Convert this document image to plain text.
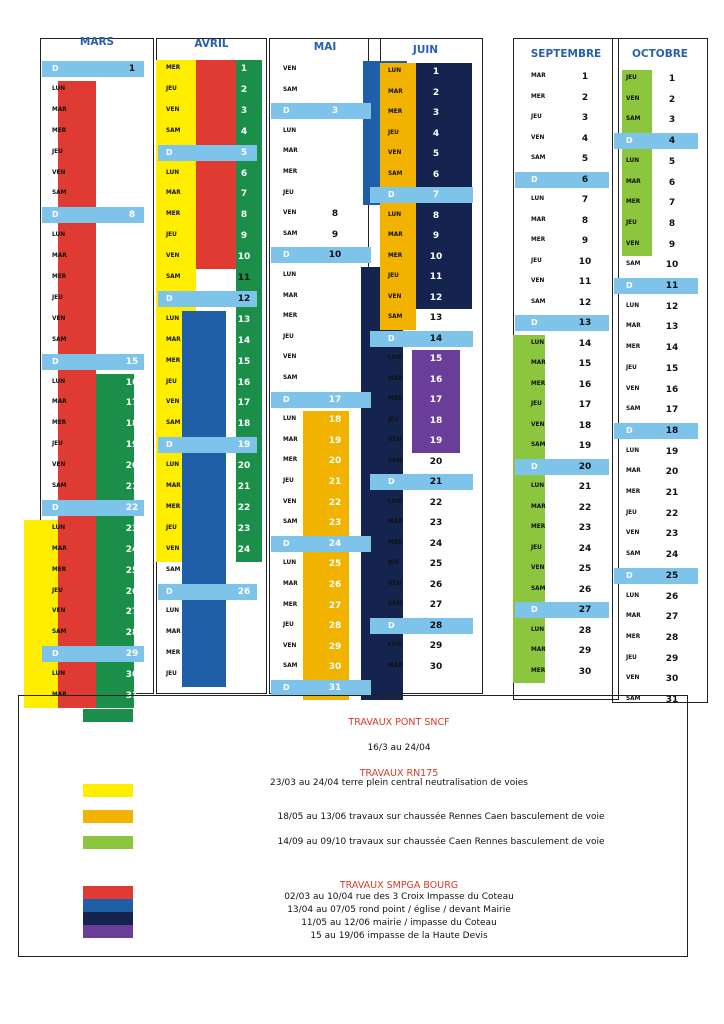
MARS	AVRIL	MAI	JUIN	SEPTEMBRE	OCTOBRE
D	1
LUN	2
MAR	3
MER	4
JEU	5
VEN	6
SAM	7
D	8
LUN	9
MAR	10
MER	11
JEU	12
VEN	13
SAM	14
D	15
LUN	16
MAR	17
MER	18
JEU	19
VEN	20
SAM	21
D	22
LUN	23
MAR	24
MER	25
JEU	26
VEN	27
SAM	28
D	29
LUN	30
MAR	31
MER	1
JEU	2
VEN	3
SAM	4
D	5
LUN	6
MAR	7
MER	8
JEU	9
VEN	10
SAM	11
D	12
LUN	13
MAR	14
MER	15
JEU	16
VEN	17
SAM	18
D	19
LUN	20
MAR	21
MER	22
JEU	23
VEN	24
SAM	25
D	26
LUN	27
MAR	28
MER	29
JEU	30
VEN	1
SAM	2
D	3
LUN	4
MAR	5
MER	6
JEU	7
VEN	8
SAM	9
D	10
LUN	11
MAR	12
MER	13
JEU	14
VEN	15
SAM	16
D	17
LUN	18
MAR	19
MER	20
JEU	21
VEN	22
SAM	23
D	24
LUN	25
MAR	26
MER	27
JEU	28
VEN	29
SAM	30
D	31
LUN	1
MAR	2
MER	3
JEU	4
VEN	5
SAM	6
D	7
LUN	8
MAR	9
MER	10
JEU	11
VEN	12
SAM	13
D	14
LUN	15
MAR	16
MER	17
JEU	18
VEN	19
SAM	20
D	21
LUN	22
MAR	23
MER	24
JEU	25
VEN	26
SAM	27
D	28
LUN	29
MAR	30
MAR	1
MER	2
JEU	3
VEN	4
SAM	5
D	6
LUN	7
MAR	8
MER	9
JEU	10
VEN	11
SAM	12
D	13
LUN	14
MAR	15
MER	16
JEU	17
VEN	18
SAM	19
D	20
LUN	21
MAR	22
MER	23
JEU	24
VEN	25
SAM	26
D	27
LUN	28
MAR	29
MER	30
JEU	1
VEN	2
SAM	3
D	4
LUN	5
MAR	6
MER	7
JEU	8
VEN	9
SAM	10
D	11
LUN	12
MAR	13
MER	14
JEU	15
VEN	16
SAM	17
D	18
LUN	19
MAR	20
MER	21
JEU	22
VEN	23
SAM	24
D	25
LUN	26
MAR	27
MER	28
JEU	29
VEN	30
SAM	31
TRAVAUX PONT SNCF
16/3 au 24/04
TRAVAUX RN175
23/03 au 24/04 terre plein central neutralisation de voies
18/05 au 13/06 travaux sur chaussée Rennes Caen basculement de voie
14/09 au 09/10 travaux sur chaussée Caen Rennes basculement de voie
TRAVAUX SMPGA BOURG
02/03 au 10/04 rue des 3 Croix Impasse du Coteau
13/04 au 07/05 rond point / église / devant Mairie
11/05 au 12/06 mairie / impasse du Coteau
15 au 19/06 impasse de la Haute Devis
